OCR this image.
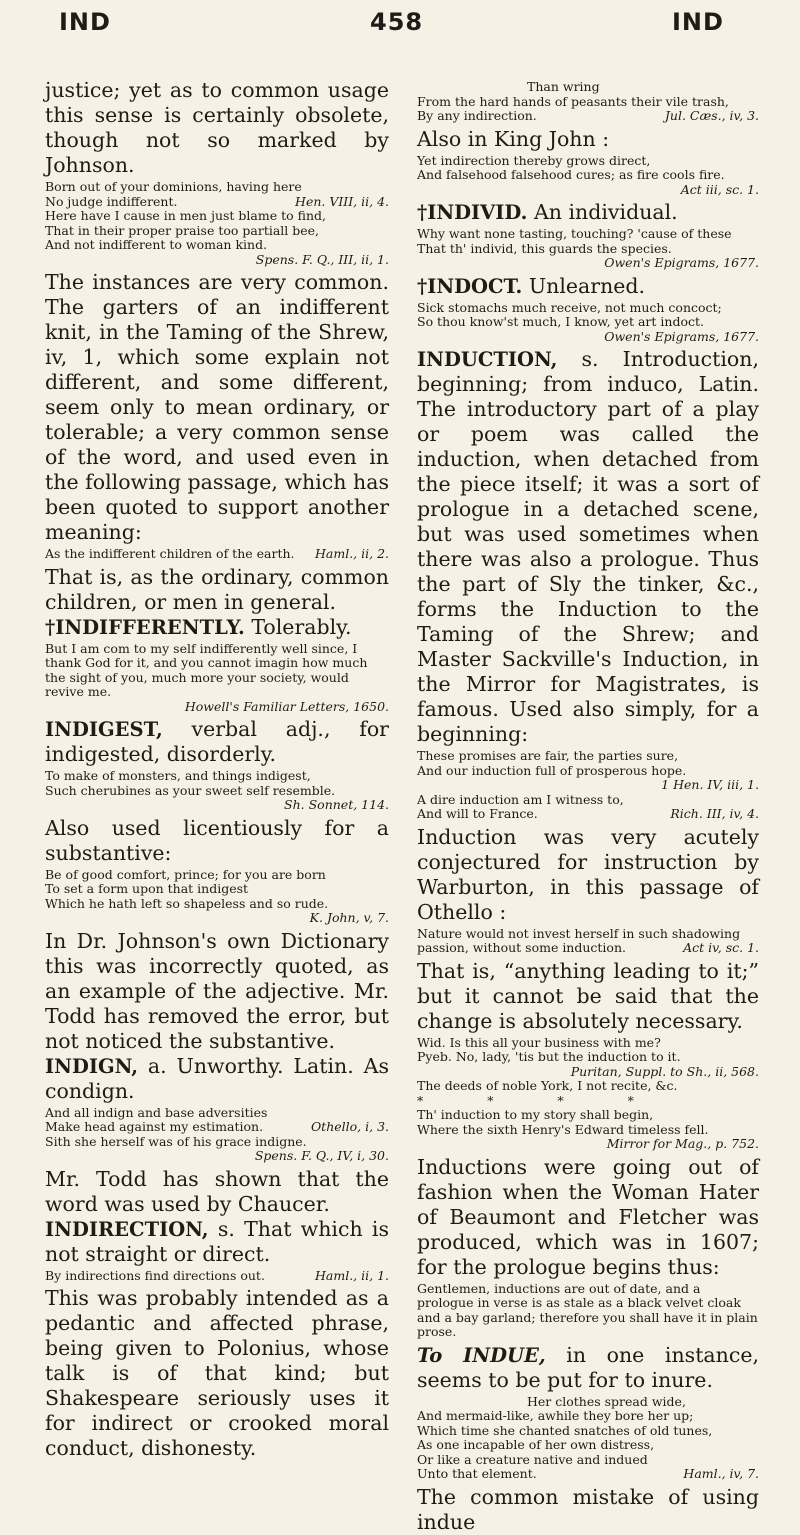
IND	458	IND

justice; yet as to common usage this sense is certainly obsolete, though not so marked by Johnson.

Born out of your dominions, having here
No judge indifferent.	Hen. VIII, ii, 4.
Here have I cause in men just blame to find,
That in their proper praise too partiall bee,
And not indifferent to woman kind.
Spens. F. Q., III, ii, 1.

The instances are very common. The garters of an indifferent knit, in the Taming of the Shrew, iv, 1, which some explain not different, and some different, seem only to mean ordinary, or tolerable; a very common sense of the word, and used even in the following passage, which has been quoted to support another meaning:

As the indifferent children of the earth. Haml., ii, 2.

That is, as the ordinary, common children, or men in general.

†INDIFFERENTLY. Tolerably.

But I am com to my self indifferently well since, I thank God for it, and you cannot imagin how much the sight of you, much more your society, would revive me.
Howell's Familiar Letters, 1650.

INDIGEST, verbal adj., for indigested, disorderly.

To make of monsters, and things indigest,
Such cherubines as your sweet self resemble.
Sh. Sonnet, 114.

Also used licentiously for a substantive:

Be of good comfort, prince; for you are born
To set a form upon that indigest
Which he hath left so shapeless and so rude.
K. John, v, 7.

In Dr. Johnson's own Dictionary this was incorrectly quoted, as an example of the adjective. Mr. Todd has removed the error, but not noticed the substantive.

INDIGN, a. Unworthy. Latin. As condign.

And all indign and base adversities
Make head against my estimation.	Othello, i, 3.
Sith she herself was of his grace indigne.
Spens. F. Q., IV, i, 30.

Mr. Todd has shown that the word was used by Chaucer.

INDIRECTION, s. That which is not straight or direct.

By indirections find directions out.	Haml., ii, 1.

This was probably intended as a pedantic and affected phrase, being given to Polonius, whose talk is of that kind; but Shakespeare seriously uses it for indirect or crooked moral conduct, dishonesty.

Than wring
From the hard hands of peasants their vile trash,
By any indirection.	Jul. Cæs., iv, 3.

Also in King John :

Yet indirection thereby grows direct,
And falsehood falsehood cures; as fire cools fire.
Act iii, sc. 1.

†INDIVID. An individual.

Why want none tasting, touching? 'cause of these
That th' individ, this guards the species.
Owen's Epigrams, 1677.

†INDOCT. Unlearned.

Sick stomachs much receive, not much concoct;
So thou know'st much, I know, yet art indoct.
Owen's Epigrams, 1677.

INDUCTION, s. Introduction, beginning; from induco, Latin. The introductory part of a play or poem was called the induction, when detached from the piece itself; it was a sort of prologue in a detached scene, but was used sometimes when there was also a prologue. Thus the part of Sly the tinker, &c., forms the Induction to the Taming of the Shrew; and Master Sackville's Induction, in the Mirror for Magistrates, is famous. Used also simply, for a beginning:

These promises are fair, the parties sure,
And our induction full of prosperous hope.
1 Hen. IV, iii, 1.
A dire induction am I witness to,
And will to France.	Rich. III, iv, 4.

Induction was very acutely conjectured for instruction by Warburton, in this passage of Othello :

Nature would not invest herself in such shadowing passion, without some induction.	Act iv, sc. 1.

That is, “anything leading to it;” but it cannot be said that the change is absolutely necessary.

Wid. Is this all your business with me?
Pyeb. No, lady, 'tis but the induction to it.
Puritan, Suppl. to Sh., ii, 568.
The deeds of noble York, I not recite, &c.
* * * *
Th' induction to my story shall begin,
Where the sixth Henry's Edward timeless fell.
Mirror for Mag., p. 752.

Inductions were going out of fashion when the Woman Hater of Beaumont and Fletcher was produced, which was in 1607; for the prologue begins thus:

Gentlemen, inductions are out of date, and a prologue in verse is as stale as a black velvet cloak and a bay garland; therefore you shall have it in plain prose.

To INDUE, in one instance, seems to be put for to inure.

Her clothes spread wide,
And mermaid-like, awhile they bore her up;
Which time she chanted snatches of old tunes,
As one incapable of her own distress,
Or like a creature native and indued
Unto that element.	Haml., iv, 7.

The common mistake of using indue
